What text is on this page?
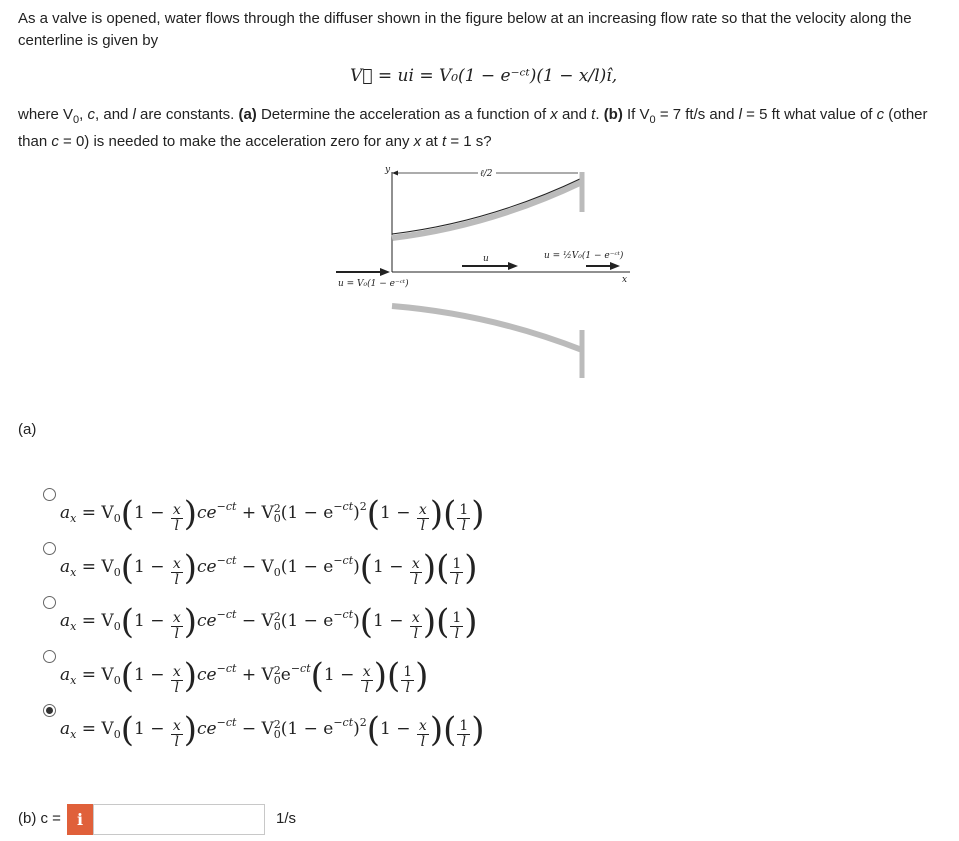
As a valve is opened, water flows through the diffuser shown in the figure below at an increasing flow rate so that the velocity along the centerline is given by
V⃗ = ui = V₀(1 − e⁻ᶜᵗ)(1 − x/l)î,
where $V_0$, c, and l are constants. (a) Determine the acceleration as a function of x and t. (b) If $V_0 = 7$ ft/s and l = 5 ft what value of c (other than c = 0) is needed to make the acceleration zero for any x at t = 1 s?
ℓ/2
y
x
u = V₀(1 − e⁻ᶜᵗ)
u	u = ½V₀(1 − e⁻ᶜᵗ)
(a)
ax = $V0(1 - \frac{x}{l} )ce^{-ct} + V2$
$0(1 - e^{-ct})^2(1 - \frac{x}{l}$ )( $\frac{1}{l}$ )
ax = $V0(1 - \frac{x}{l} )ce^{-ct} - V$
$0(1 - e^{-ct})(1 - \frac{x}{l}$ )( $\frac{1}{l}$ )
ax = $V0(1 - \frac{x}{l} )ce^{-ct} - V2$
$0(1 - e^{-ct})(1 - \frac{x}{l}$ )( $\frac{1}{l}$ )
ax = $V0(1 - \frac{x}{l} )ce^{-ct} + V2$
$0e^{-ct}(1 - \frac{x}{l}$ )( $\frac{1}{l}$ )
ax = $V0(1 - \frac{x}{l} )ce^{-ct} - V2$
$0(1 - e^{-ct})^2(1 - \frac{x}{l}$ )( $\frac{1}{l}$ )
(b) c =	i	1/s
